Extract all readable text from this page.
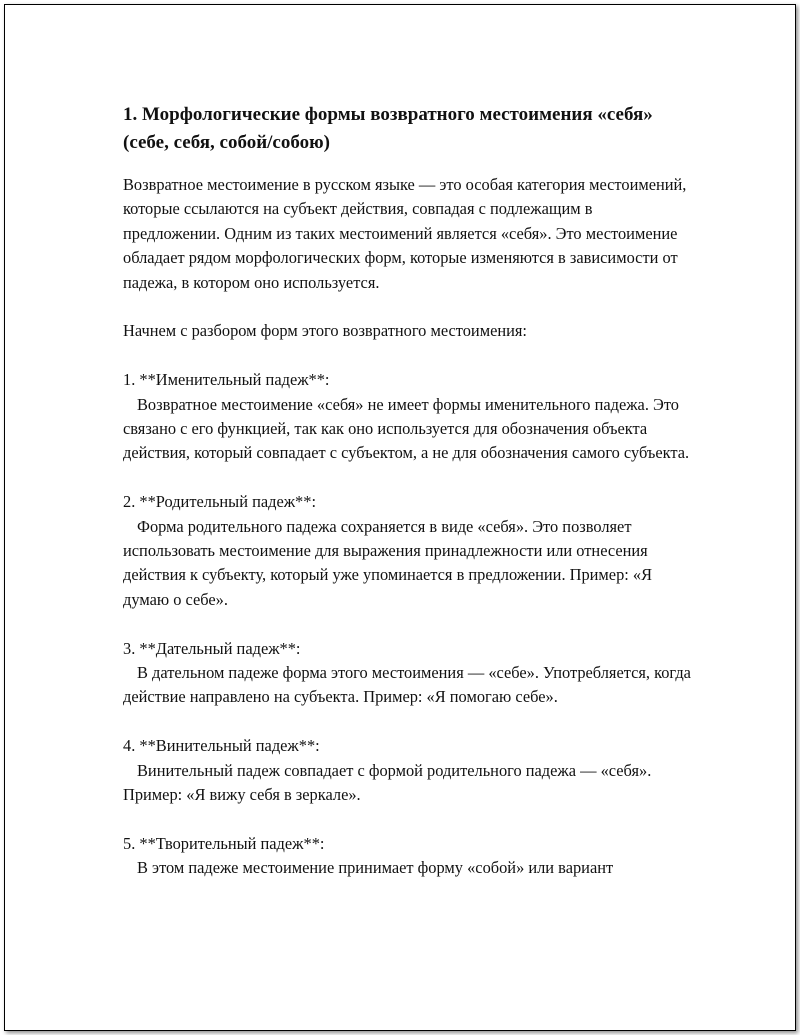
1. Морфологические формы возвратного местоимения «себя» (себе, себя, собой/собою)

Возвратное местоимение в русском языке — это особая категория местоимений, которые ссылаются на субъект действия, совпадая с подлежащим в предложении. Одним из таких местоимений является «себя». Это местоимение обладает рядом морфологических форм, которые изменяются в зависимости от падежа, в котором оно используется.

Начнем с разбором форм этого возвратного местоимения:

1. **Именительный падеж**:

Возвратное местоимение «себя» не имеет формы именительного падежа. Это связано с его функцией, так как оно используется для обозначения объекта действия, который совпадает с субъектом, а не для обозначения самого субъекта.

2. **Родительный падеж**:

Форма родительного падежа сохраняется в виде «себя». Это позволяет использовать местоимение для выражения принадлежности или отнесения действия к субъекту, который уже упоминается в предложении. Пример: «Я думаю о себе».

3. **Дательный падеж**:

В дательном падеже форма этого местоимения — «себе». Употребляется, когда действие направлено на субъекта. Пример: «Я помогаю себе».

4. **Винительный падеж**:

Винительный падеж совпадает с формой родительного падежа — «себя». Пример: «Я вижу себя в зеркале».

5. **Творительный падеж**:

В этом падеже местоимение принимает форму «собой» или вариант
